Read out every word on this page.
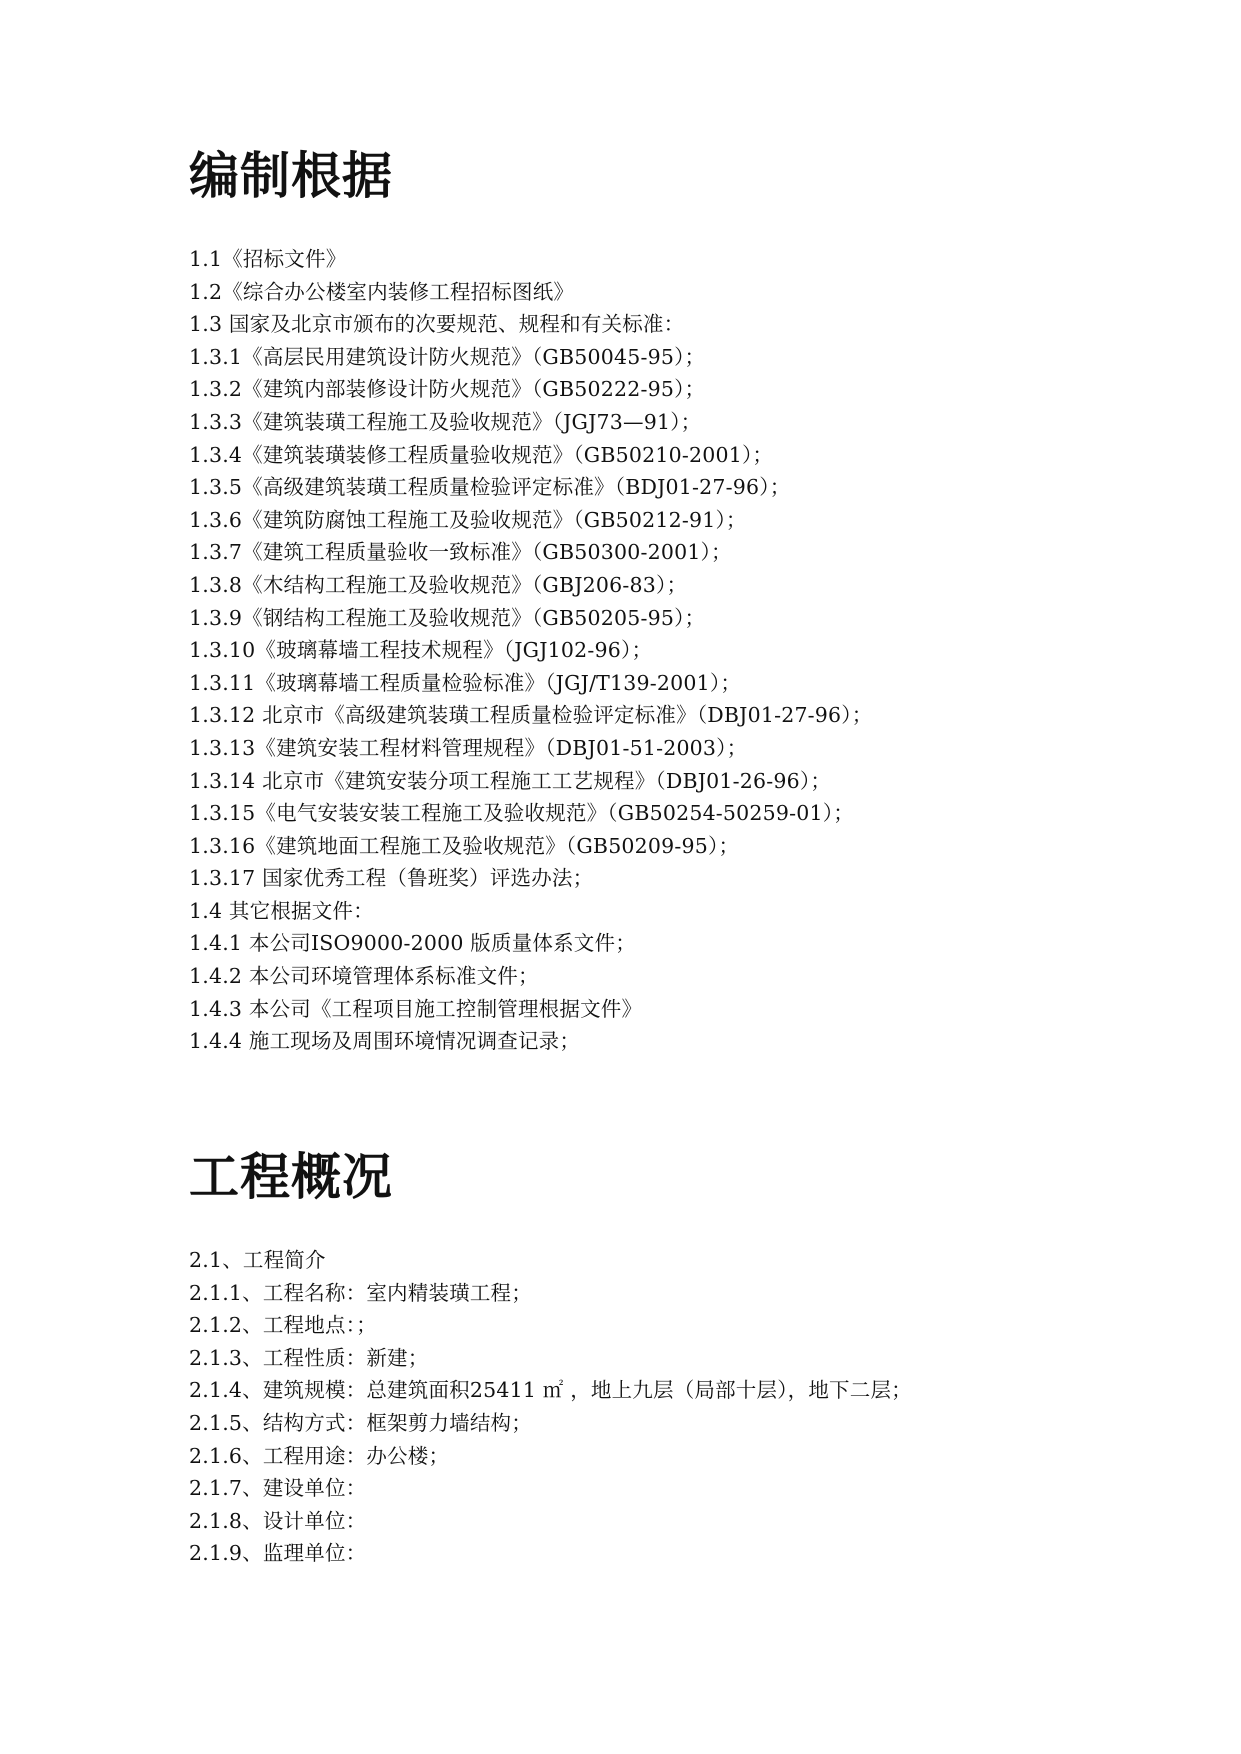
编制根据
1.1《招标文件》
1.2《综合办公楼室内装修工程招标图纸》
1.3 国家及北京市颁布的次要规范、规程和有关标准：
1.3.1《高层民用建筑设计防火规范》（GB50045-95）；
1.3.2《建筑内部装修设计防火规范》（GB50222-95）；
1.3.3《建筑装璜工程施工及验收规范》（JGJ73—91）；
1.3.4《建筑装璜装修工程质量验收规范》（GB50210-2001）；
1.3.5《高级建筑装璜工程质量检验评定标准》（BDJ01-27-96）；
1.3.6《建筑防腐蚀工程施工及验收规范》（GB50212-91）；
1.3.7《建筑工程质量验收一致标准》（GB50300-2001）；
1.3.8《木结构工程施工及验收规范》（GBJ206-83）；
1.3.9《钢结构工程施工及验收规范》（GB50205-95）；
1.3.10《玻璃幕墙工程技术规程》（JGJ102-96）；
1.3.11《玻璃幕墙工程质量检验标准》（JGJ/T139-2001）；
1.3.12 北京市《高级建筑装璜工程质量检验评定标准》（DBJ01-27-96）；
1.3.13《建筑安装工程材料管理规程》（DBJ01-51-2003）；
1.3.14 北京市《建筑安装分项工程施工工艺规程》（DBJ01-26-96）；
1.3.15《电气安装安装工程施工及验收规范》（GB50254-50259-01）；
1.3.16《建筑地面工程施工及验收规范》（GB50209-95）；
1.3.17 国家优秀工程（鲁班奖）评选办法；
1.4 其它根据文件：
1.4.1 本公司ISO9000-2000 版质量体系文件；
1.4.2 本公司环境管理体系标准文件；
1.4.3 本公司《工程项目施工控制管理根据文件》
1.4.4 施工现场及周围环境情况调查记录；
工程概况
2.1、工程简介
2.1.1、工程名称：室内精装璜工程；
2.1.2、工程地点：；
2.1.3、工程性质：新建；
2.1.4、建筑规模：总建筑面积25411 ㎡ ，地上九层（局部十层），地下二层；
2.1.5、结构方式：框架剪力墙结构；
2.1.6、工程用途：办公楼；
2.1.7、建设单位：
2.1.8、设计单位：
2.1.9、监理单位：
